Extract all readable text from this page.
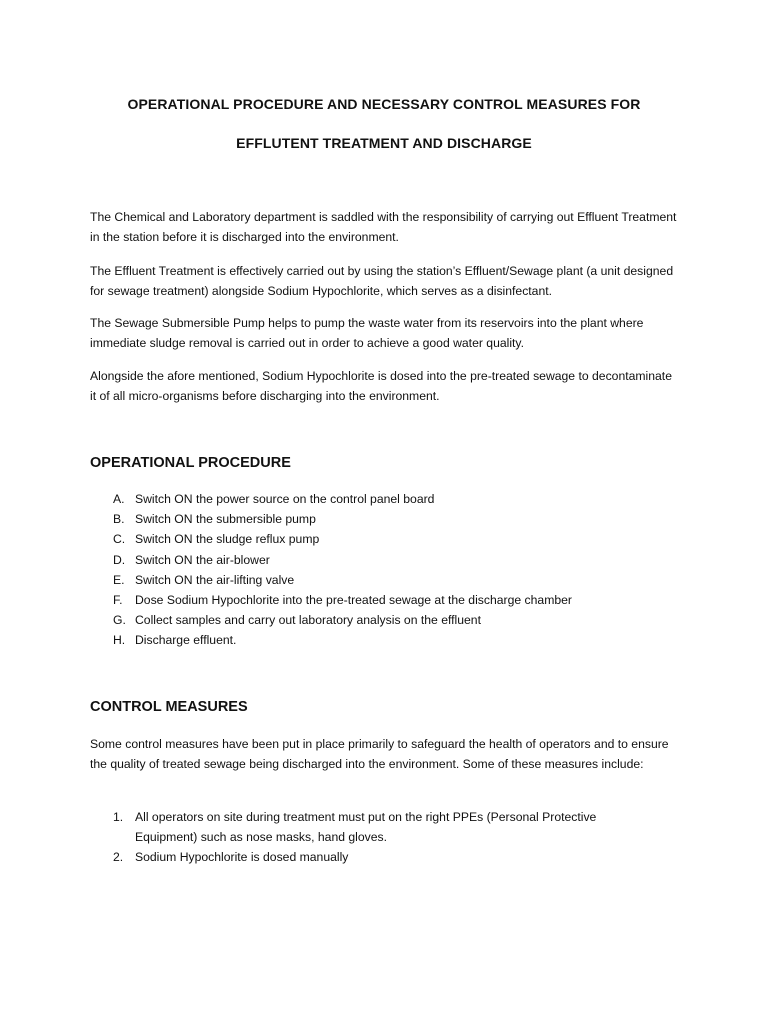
OPERATIONAL PROCEDURE AND NECESSARY CONTROL MEASURES FOR
EFFLUTENT TREATMENT AND DISCHARGE

The Chemical and Laboratory department is saddled with the responsibility of carrying out Effluent Treatment in the station before it is discharged into the environment.

The Effluent Treatment is effectively carried out by using the station’s Effluent/Sewage plant (a unit designed for sewage treatment) alongside Sodium Hypochlorite, which serves as a disinfectant.

The Sewage Submersible Pump helps to pump the waste water from its reservoirs into the plant where immediate sludge removal is carried out in order to achieve a good water quality.

Alongside the afore mentioned, Sodium Hypochlorite is dosed into the pre-treated sewage to decontaminate it of all micro-organisms before discharging into the environment.

OPERATIONAL PROCEDURE
A. Switch ON the power source on the control panel board
B. Switch ON the submersible pump
C. Switch ON the sludge reflux pump
D. Switch ON the air-blower
E. Switch ON the air-lifting valve
F. Dose Sodium Hypochlorite into the pre-treated sewage at the discharge chamber
G. Collect samples and carry out laboratory analysis on the effluent
H. Discharge effluent.
CONTROL MEASURES

Some control measures have been put in place primarily to safeguard the health of operators and to ensure the quality of treated sewage being discharged into the environment. Some of these measures include:

1. All operators on site during treatment must put on the right PPEs (Personal Protective Equipment) such as nose masks, hand gloves.
2. Sodium Hypochlorite is dosed manually
